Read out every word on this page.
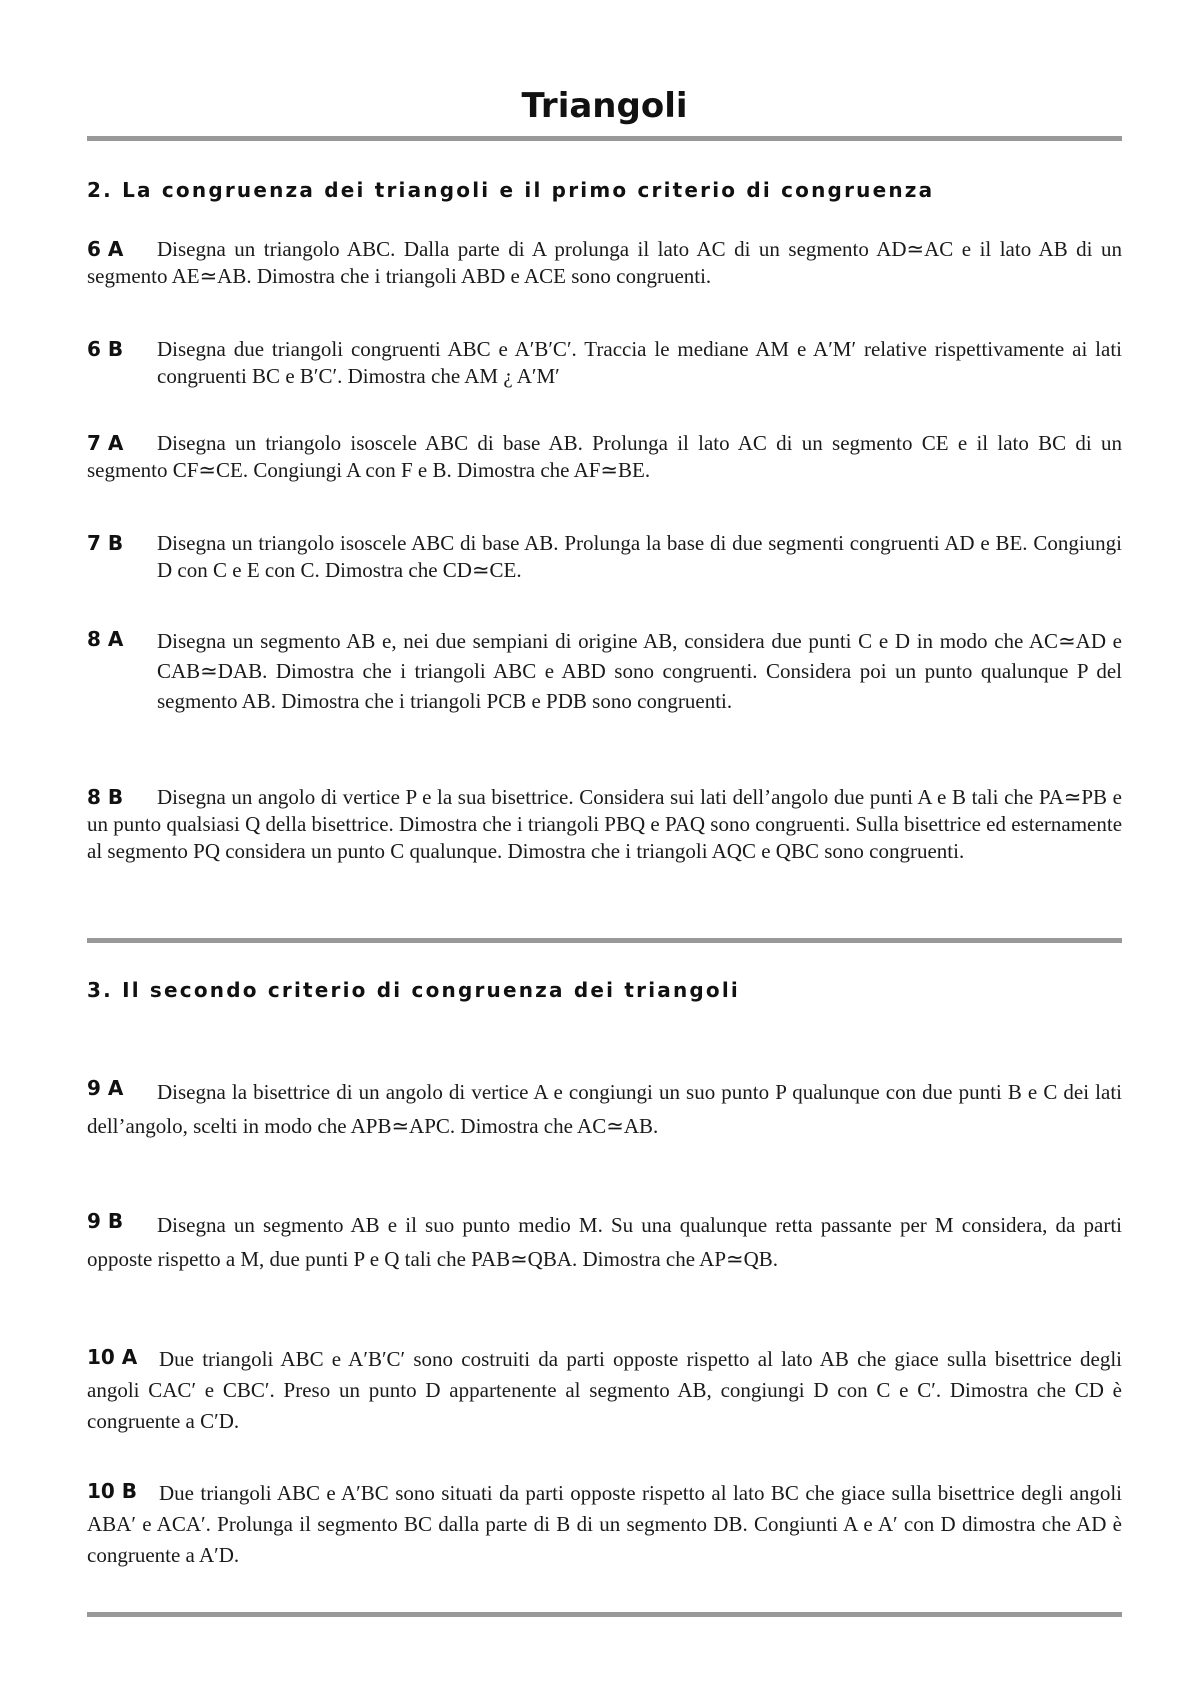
Triangoli
2. La congruenza dei triangoli e il primo criterio di congruenza
6 A	Disegna un triangolo ABC. Dalla parte di A prolunga il lato AC di un segmento AD≃AC e il lato AB di un segmento AE≃AB. Dimostra che i triangoli ABD e ACE sono congruenti.

6 B	Disegna due triangoli congruenti ABC e A′B′C′. Traccia le mediane AM e A′M′ relative rispettivamente ai lati congruenti BC e B′C′. Dimostra che AM ¿ A′M′

7 A	Disegna un triangolo isoscele ABC di base AB. Prolunga il lato AC di un segmento CE e il lato BC di un segmento CF≃CE. Congiungi A con F e B. Dimostra che AF≃BE.

7 B	Disegna un triangolo isoscele ABC di base AB. Prolunga la base di due segmenti congruenti AD e BE. Congiungi D con C e E con C. Dimostra che CD≃CE.

8 A	Disegna un segmento AB e, nei due sempiani di origine AB, considera due punti C e D in modo che AC≃AD e CAB≃DAB. Dimostra che i triangoli ABC e ABD sono congruenti. Considera poi un punto qualunque P del segmento AB. Dimostra che i triangoli PCB e PDB sono congruenti.

8 B	Disegna un angolo di vertice P e la sua bisettrice. Considera sui lati dell’angolo due punti A e B tali che PA≃PB e un punto qualsiasi Q della bisettrice. Dimostra che i triangoli PBQ e PAQ sono congruenti. Sulla bisettrice ed esternamente al segmento PQ considera un punto C qualunque. Dimostra che i triangoli AQC e QBC sono congruenti.

3. Il secondo criterio di congruenza dei triangoli
9 A	Disegna la bisettrice di un angolo di vertice A e congiungi un suo punto P qualunque con due punti B e C dei lati dell’angolo, scelti in modo che APB≃APC. Dimostra che AC≃AB.

9 B	Disegna un segmento AB e il suo punto medio M. Su una qualunque retta passante per M considera, da parti opposte rispetto a M, due punti P e Q tali che PAB≃QBA. Dimostra che AP≃QB.

10 A	Due triangoli ABC e A′B′C′ sono costruiti da parti opposte rispetto al lato AB che giace sulla bisettrice degli angoli CAC′ e CBC′. Preso un punto D appartenente al segmento AB, congiungi D con C e C′. Dimostra che CD è congruente a C′D.

10 B	Due triangoli ABC e A′BC sono situati da parti opposte rispetto al lato BC che giace sulla bisettrice degli angoli ABA′ e ACA′. Prolunga il segmento BC dalla parte di B di un segmento DB. Congiunti A e A′ con D dimostra che AD è congruente a A′D.
